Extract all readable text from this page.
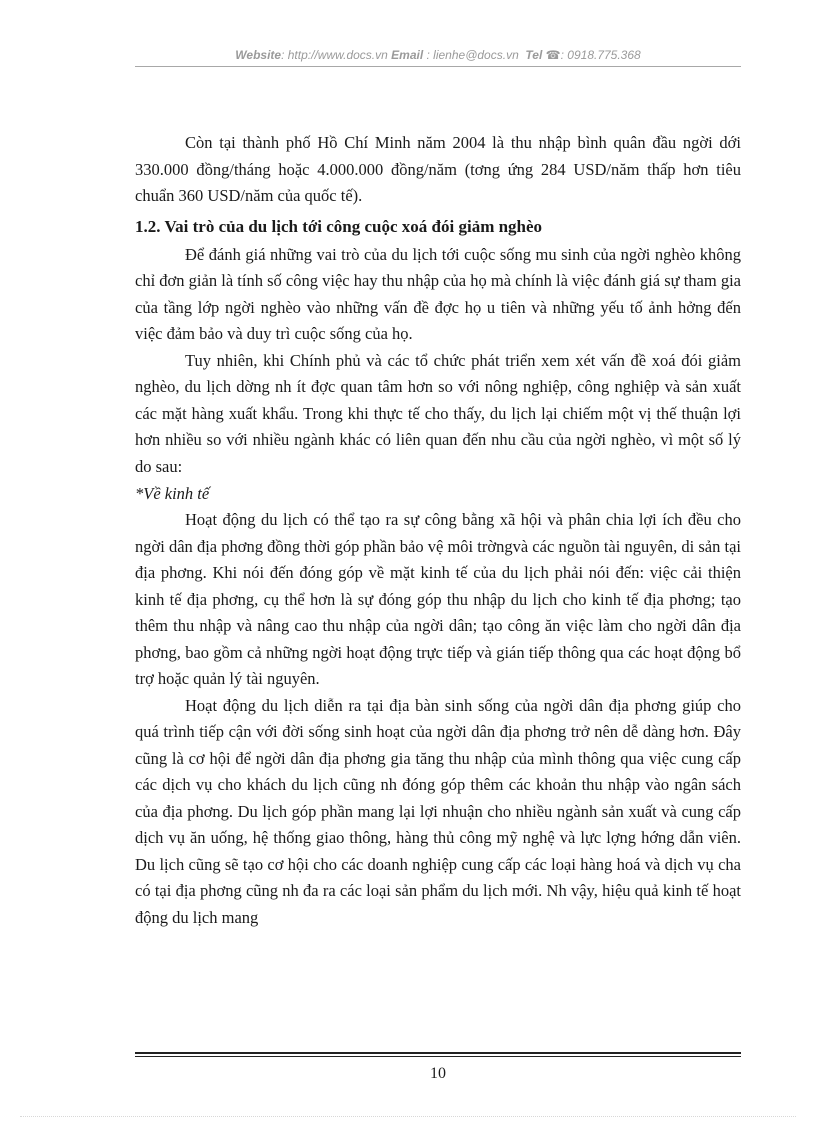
Website: http://www.docs.vn Email : lienhe@docs.vn Tel ☎: 0918.775.368

Còn tại thành phố Hồ Chí Minh năm 2004 là thu nhập bình quân đầu ngời dới 330.000 đồng/tháng hoặc 4.000.000 đồng/năm (tơng ứng 284 USD/năm thấp hơn tiêu chuẩn 360 USD/năm của quốc tế).

1.2. Vai trò của du lịch tới công cuộc xoá đói giảm nghèo

Để đánh giá những vai trò của du lịch tới cuộc sống mu sinh của ngời nghèo không chỉ đơn giản là tính số công việc hay thu nhập của họ mà chính là việc đánh giá sự tham gia của tầng lớp ngời nghèo vào những vấn đề đợc họ u tiên và những yếu tố ảnh hởng đến việc đảm bảo và duy trì cuộc sống của họ.

Tuy nhiên, khi Chính phủ và các tổ chức phát triển xem xét vấn đề xoá đói giảm nghèo, du lịch dờng nh ít đợc quan tâm hơn so với nông nghiệp, công nghiệp và sản xuất các mặt hàng xuất khẩu. Trong khi thực tế cho thấy, du lịch lại chiếm một vị thế thuận lợi hơn nhiều so với nhiều ngành khác có liên quan đến nhu cầu của ngời nghèo, vì một số lý do sau:

*Về kinh tế

Hoạt động du lịch có thể tạo ra sự công bằng xã hội và phân chia lợi ích đều cho ngời dân địa phơng đồng thời góp phần bảo vệ môi trờngvà các nguồn tài nguyên, di sản tại địa phơng. Khi nói đến đóng góp về mặt kinh tế của du lịch phải nói đến: việc cải thiện kinh tế địa phơng, cụ thể hơn là sự đóng góp thu nhập du lịch cho kinh tế địa phơng; tạo thêm thu nhập và nâng cao thu nhập của ngời dân; tạo công ăn việc làm cho ngời dân địa phơng, bao gồm cả những ngời hoạt động trực tiếp và gián tiếp thông qua các hoạt động bổ trợ hoặc quản lý tài nguyên.

Hoạt động du lịch diễn ra tại địa bàn sinh sống của ngời dân địa phơng giúp cho quá trình tiếp cận với đời sống sinh hoạt của ngời dân địa phơng trở nên dễ dàng hơn. Đây cũng là cơ hội để ngời dân địa phơng gia tăng thu nhập của mình thông qua việc cung cấp các dịch vụ cho khách du lịch cũng nh đóng góp thêm các khoản thu nhập vào ngân sách của địa phơng. Du lịch góp phần mang lại lợi nhuận cho nhiều ngành sản xuất và cung cấp dịch vụ ăn uống, hệ thống giao thông, hàng thủ công mỹ nghệ và lực lợng hớng dẫn viên. Du lịch cũng sẽ tạo cơ hội cho các doanh nghiệp cung cấp các loại hàng hoá và dịch vụ cha có tại địa phơng cũng nh đa ra các loại sản phẩm du lịch mới. Nh vậy, hiệu quả kinh tế hoạt động du lịch mang

10
